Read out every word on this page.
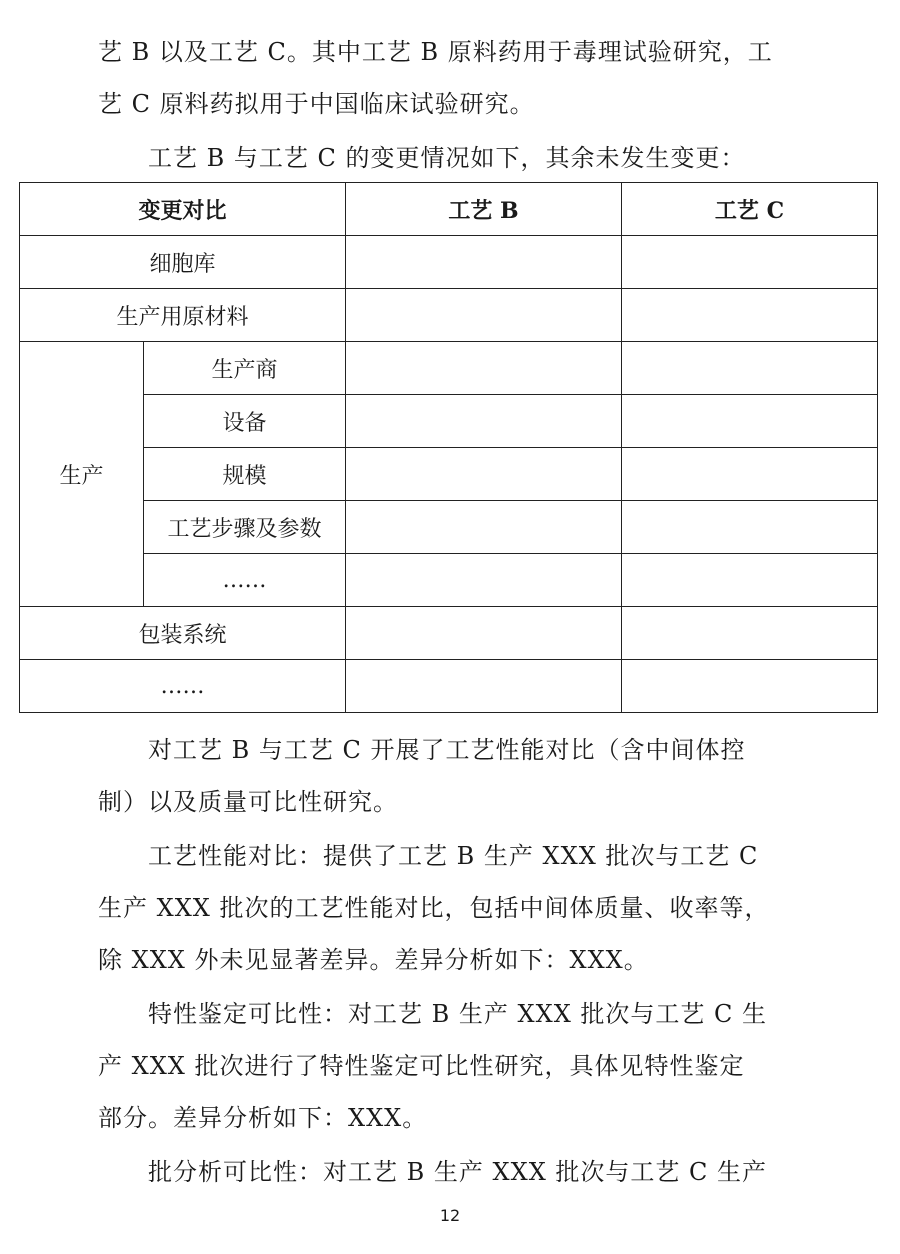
艺 B 以及工艺 C。其中工艺 B 原料药用于毒理试验研究，工
艺 C 原料药拟用于中国临床试验研究。
工艺 B 与工艺 C 的变更情况如下，其余未发生变更：
变更对比		工艺 B	工艺 C
细胞库			
生产用原材料			
生产	生产商		
	设备		
	规模		
	工艺步骤及参数		
	……		
包装系统			
……			
对工艺 B 与工艺 C 开展了工艺性能对比（含中间体控
制）以及质量可比性研究。
工艺性能对比：提供了工艺 B 生产 XXX 批次与工艺 C
生产 XXX 批次的工艺性能对比，包括中间体质量、收率等，
除 XXX 外未见显著差异。差异分析如下：XXX。
特性鉴定可比性：对工艺 B 生产 XXX 批次与工艺 C 生
产 XXX 批次进行了特性鉴定可比性研究，具体见特性鉴定
部分。差异分析如下：XXX。
批分析可比性：对工艺 B 生产 XXX 批次与工艺 C 生产
12
